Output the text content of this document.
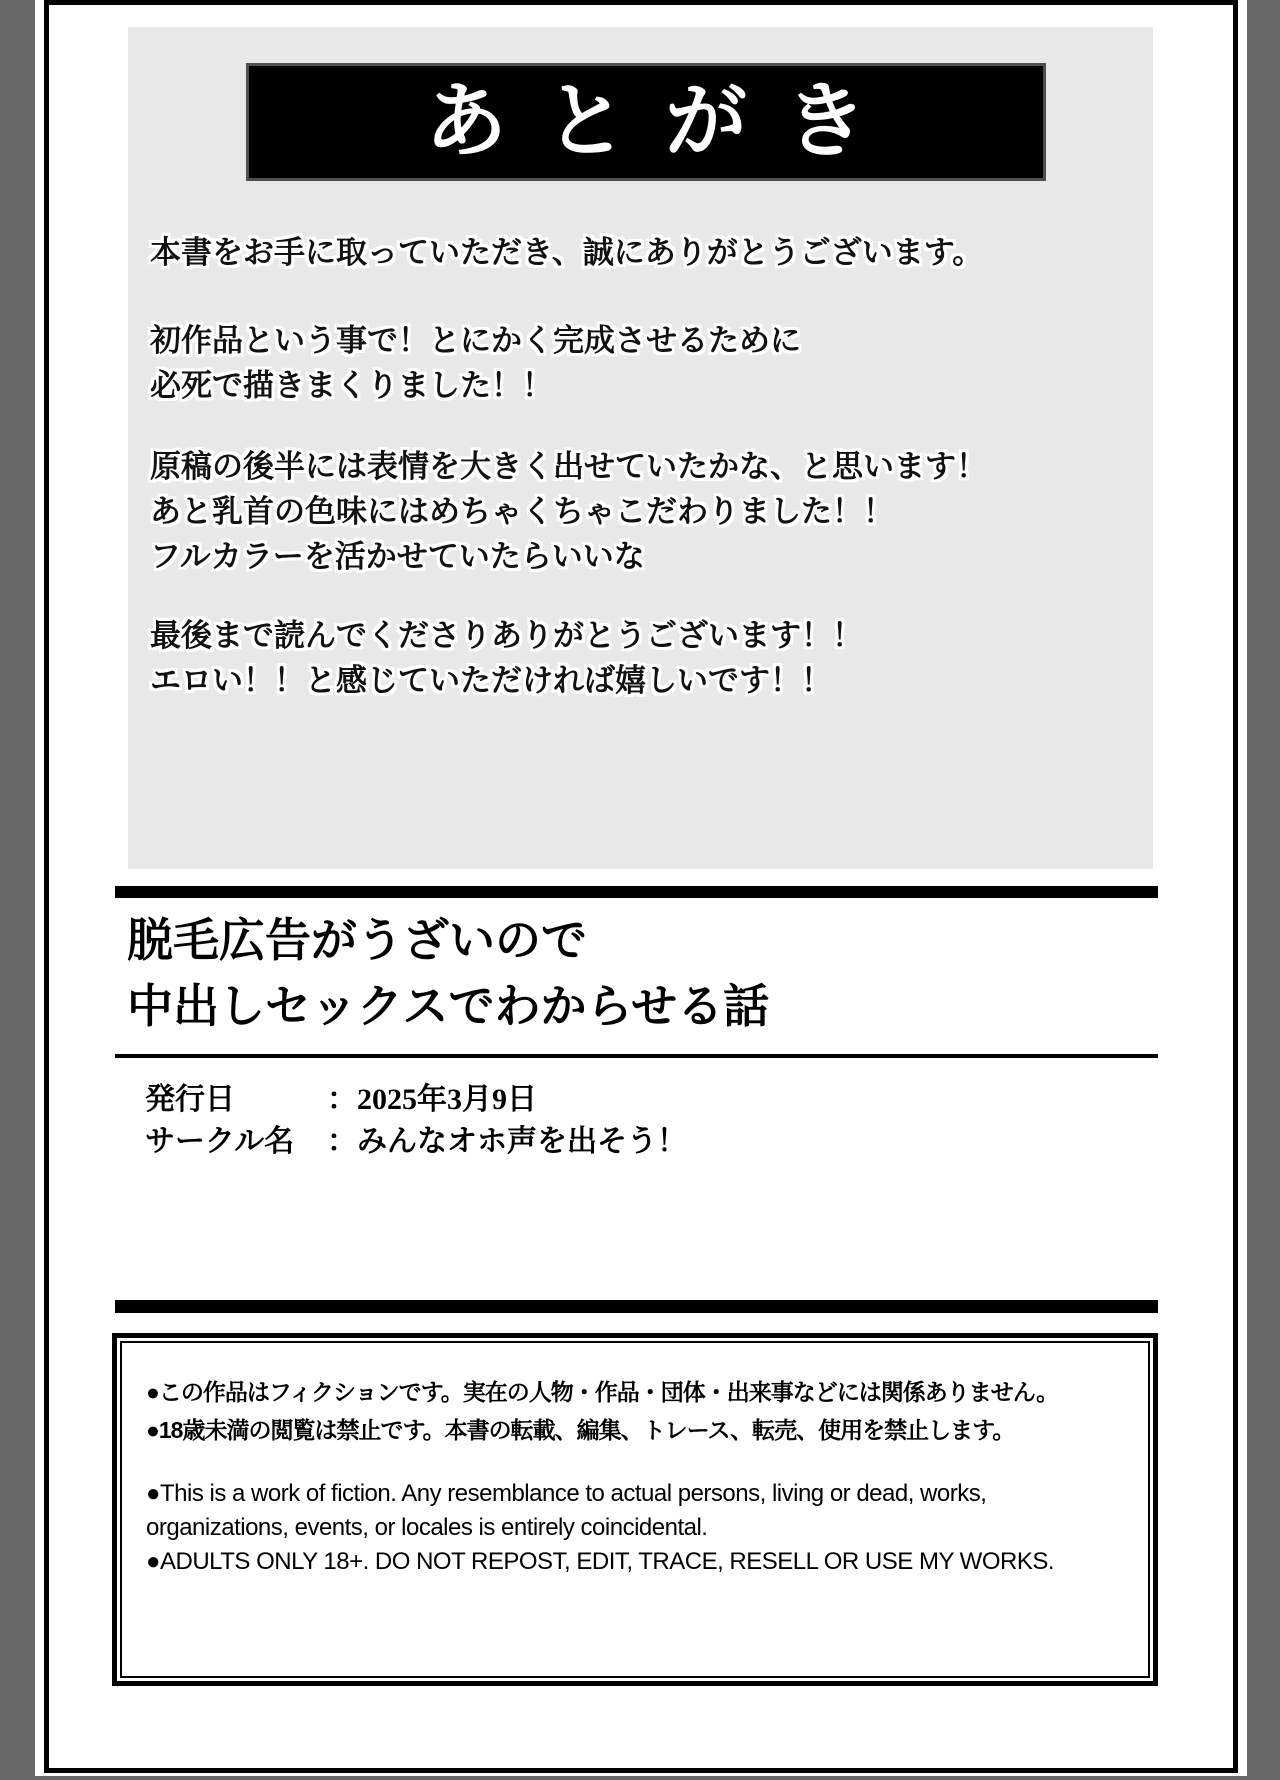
あとがき
本書をお手に取っていただき、誠にありがとうございます。
初作品という事で！とにかく完成させるために
必死で描きまくりました！！
原稿の後半には表情を大きく出せていたかな、と思います！
あと乳首の色味にはめちゃくちゃこだわりました！！
フルカラーを活かせていたらいいな
最後まで読んでくださりありがとうございます！！
エロい！！と感じていただければ嬉しいです！！
脱毛広告がうざいので
中出しセックスでわからせる話
発行日	：2025年3月9日
サークル名 ：みんなオホ声を出そう！
●この作品はフィクションです。実在の人物・作品・団体・出来事などには関係ありません。
●18歳未満の閲覧は禁止です。本書の転載、編集、トレース、転売、使用を禁止します。
●This is a work of fiction. Any resemblance to actual persons, living or dead, works,
organizations, events, or locales is entirely coincidental.
●ADULTS ONLY 18+. DO NOT REPOST, EDIT, TRACE, RESELL OR USE MY WORKS.
